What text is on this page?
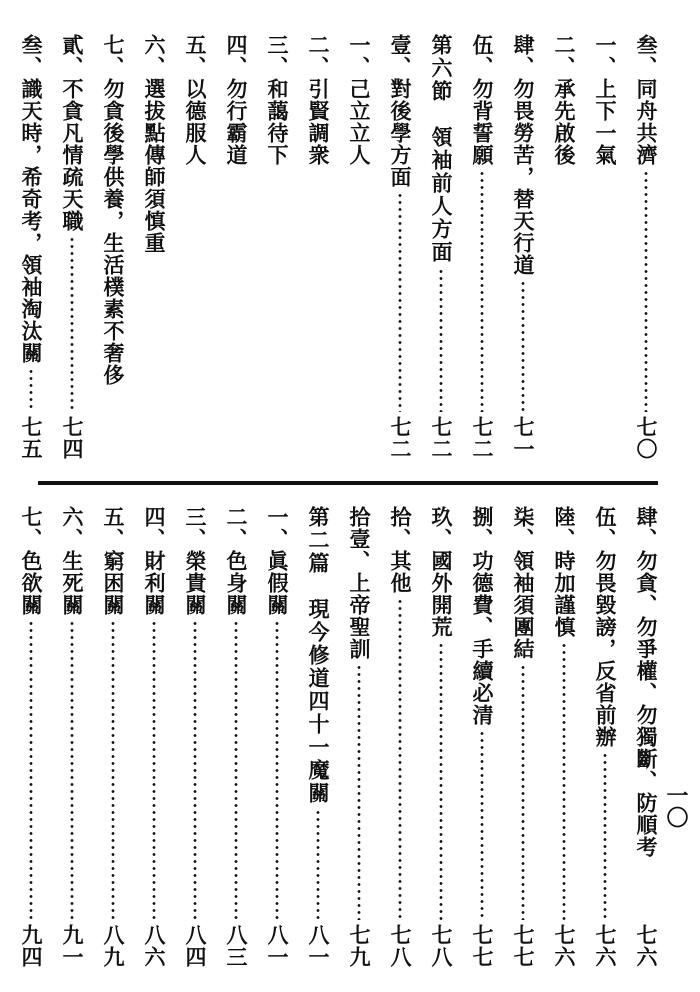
叁、同舟共濟
七〇
一、上下一氣
二、承先啟後
肆、勿畏勞苦，替天行道
七一
伍、勿背誓願
七二
第六節　領袖前人方面
七二
壹、對後學方面
七二
一、己立立人
二、引賢調衆
三、和藹待下
四、勿行霸道
五、以德服人
六、選拔點傳師須慎重
七、勿貪後學供養，生活樸素不奢侈
貳、不貪凡情疏天職
七四
叁、識天時，希奇考，領袖淘汰關
七五
肆、勿貪、勿爭權、勿獨斷、防順考
七六
伍、勿畏毀謗，反省前辦
七六
陸、時加謹慎
七六
柒、領袖須團結
七七
捌、功德費、手續必清
七七
玖、國外開荒
七八
拾、其他
七八
拾壹、上帝聖訓
七九
第二篇　現今修道四十一魔關
八一
一、眞假關
八一
二、色身關
八三
三、榮貴關
八四
四、財利關
八六
五、窮困關
八九
六、生死關
九一
七、色欲關
九四
一〇
